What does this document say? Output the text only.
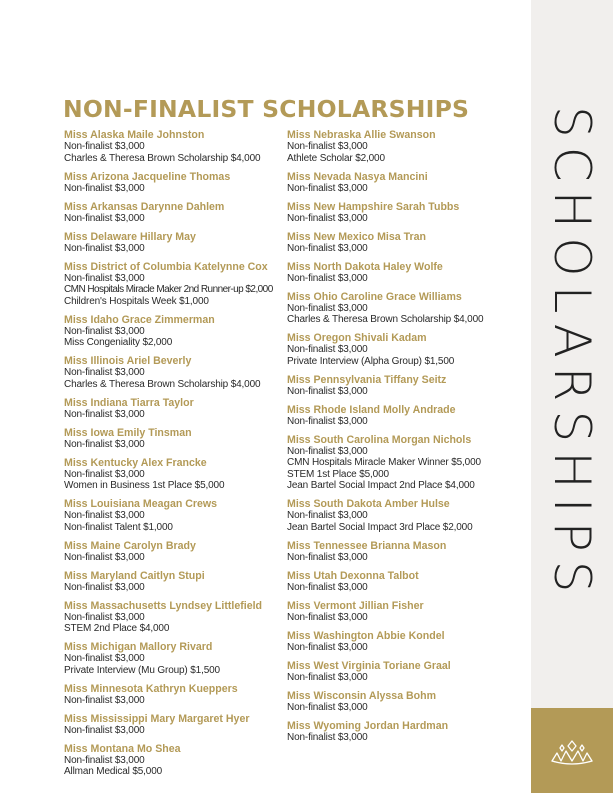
SCHOLARSHIPS
NON-FINALIST SCHOLARSHIPS
Miss Alaska Maile Johnston
Non-finalist $3,000
Charles & Theresa Brown Scholarship $4,000
Miss Arizona Jacqueline Thomas
Non-finalist $3,000
Miss Arkansas Darynne Dahlem
Non-finalist $3,000
Miss Delaware Hillary May
Non-finalist $3,000
Miss District of Columbia Katelynne Cox
Non-finalist $3,000
CMN Hospitals Miracle Maker 2nd Runner-up $2,000
Children's Hospitals Week $1,000
Miss Idaho Grace Zimmerman
Non-finalist $3,000
Miss Congeniality $2,000
Miss Illinois Ariel Beverly
Non-finalist $3,000
Charles & Theresa Brown Scholarship $4,000
Miss Indiana Tiarra Taylor
Non-finalist $3,000
Miss Iowa Emily Tinsman
Non-finalist $3,000
Miss Kentucky Alex Francke
Non-finalist $3,000
Women in Business 1st Place $5,000
Miss Louisiana Meagan Crews
Non-finalist $3,000
Non-finalist Talent $1,000
Miss Maine Carolyn Brady
Non-finalist $3,000
Miss Maryland Caitlyn Stupi
Non-finalist $3,000
Miss Massachusetts Lyndsey Littlefield
Non-finalist $3,000
STEM 2nd Place $4,000
Miss Michigan Mallory Rivard
Non-finalist $3,000
Private Interview (Mu Group) $1,500
Miss Minnesota Kathryn Kueppers
Non-finalist $3,000
Miss Mississippi Mary Margaret Hyer
Non-finalist $3,000
Miss Montana Mo Shea
Non-finalist $3,000
Allman Medical $5,000
Miss Nebraska Allie Swanson
Non-finalist $3,000
Athlete Scholar $2,000
Miss Nevada Nasya Mancini
Non-finalist $3,000
Miss New Hampshire Sarah Tubbs
Non-finalist $3,000
Miss New Mexico Misa Tran
Non-finalist $3,000
Miss North Dakota Haley Wolfe
Non-finalist $3,000
Miss Ohio Caroline Grace Williams
Non-finalist $3,000
Charles & Theresa Brown Scholarship $4,000
Miss Oregon Shivali Kadam
Non-finalist $3,000
Private Interview (Alpha Group) $1,500
Miss Pennsylvania Tiffany Seitz
Non-finalist $3,000
Miss Rhode Island Molly Andrade
Non-finalist $3,000
Miss South Carolina Morgan Nichols
Non-finalist $3,000
CMN Hospitals Miracle Maker Winner $5,000
STEM 1st Place $5,000
Jean Bartel Social Impact 2nd Place $4,000
Miss South Dakota Amber Hulse
Non-finalist $3,000
Jean Bartel Social Impact 3rd Place $2,000
Miss Tennessee Brianna Mason
Non-finalist $3,000
Miss Utah Dexonna Talbot
Non-finalist $3,000
Miss Vermont Jillian Fisher
Non-finalist $3,000
Miss Washington Abbie Kondel
Non-finalist $3,000
Miss West Virginia Toriane Graal
Non-finalist $3,000
Miss Wisconsin Alyssa Bohm
Non-finalist $3,000
Miss Wyoming Jordan Hardman
Non-finalist $3,000
